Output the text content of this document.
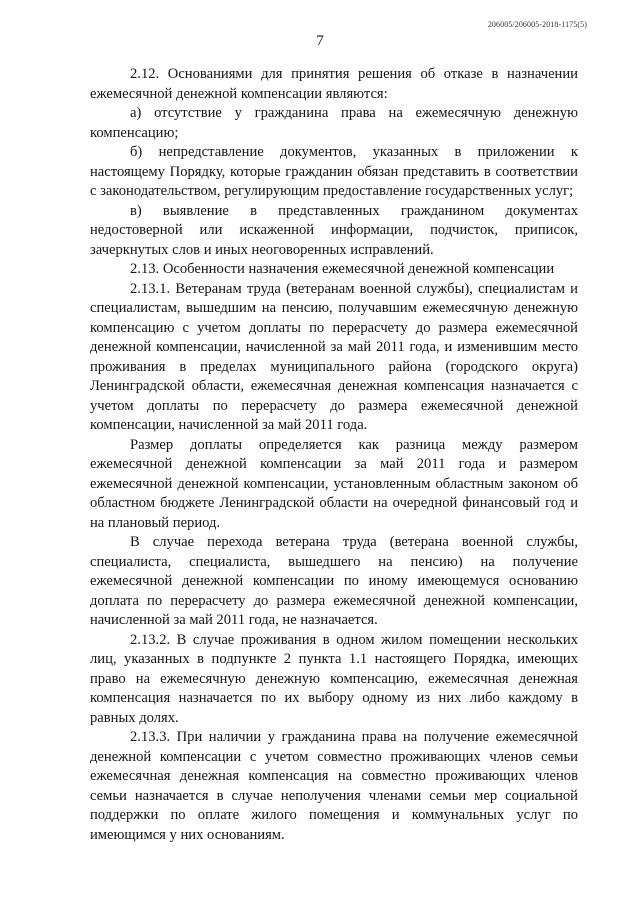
206005/206005-2018-1175(5)
7

2.12. Основаниями для принятия решения об отказе в назначении ежемесячной денежной компенсации являются:

а) отсутствие у гражданина права на ежемесячную денежную компенсацию;

б) непредставление документов, указанных в приложении к настоящему Порядку, которые гражданин обязан представить в соответствии с законодательством, регулирующим предоставление государственных услуг;

в) выявление в представленных гражданином документах недостоверной или искаженной информации, подчисток, приписок, зачеркнутых слов и иных неоговоренных исправлений.

2.13. Особенности назначения ежемесячной денежной компенсации

2.13.1. Ветеранам труда (ветеранам военной службы), специалистам и специалистам, вышедшим на пенсию, получавшим ежемесячную денежную компенсацию с учетом доплаты по перерасчету до размера ежемесячной денежной компенсации, начисленной за май 2011 года, и изменившим место проживания в пределах муниципального района (городского округа) Ленинградской области, ежемесячная денежная компенсация назначается с учетом доплаты по перерасчету до размера ежемесячной денежной компенсации, начисленной за май 2011 года.

Размер доплаты определяется как разница между размером ежемесячной денежной компенсации за май 2011 года и размером ежемесячной денежной компенсации, установленным областным законом об областном бюджете Ленинградской области на очередной финансовый год и на плановый период.

В случае перехода ветерана труда (ветерана военной службы, специалиста, специалиста, вышедшего на пенсию) на получение ежемесячной денежной компенсации по иному имеющемуся основанию доплата по перерасчету до размера ежемесячной денежной компенсации, начисленной за май 2011 года, не назначается.

2.13.2. В случае проживания в одном жилом помещении нескольких лиц, указанных в подпункте 2 пункта 1.1 настоящего Порядка, имеющих право на ежемесячную денежную компенсацию, ежемесячная денежная компенсация назначается по их выбору одному из них либо каждому в равных долях.

2.13.3. При наличии у гражданина права на получение ежемесячной денежной компенсации с учетом совместно проживающих членов семьи ежемесячная денежная компенсация на совместно проживающих членов семьи назначается в случае неполучения членами семьи мер социальной поддержки по оплате жилого помещения и коммунальных услуг по имеющимся у них основаниям.
